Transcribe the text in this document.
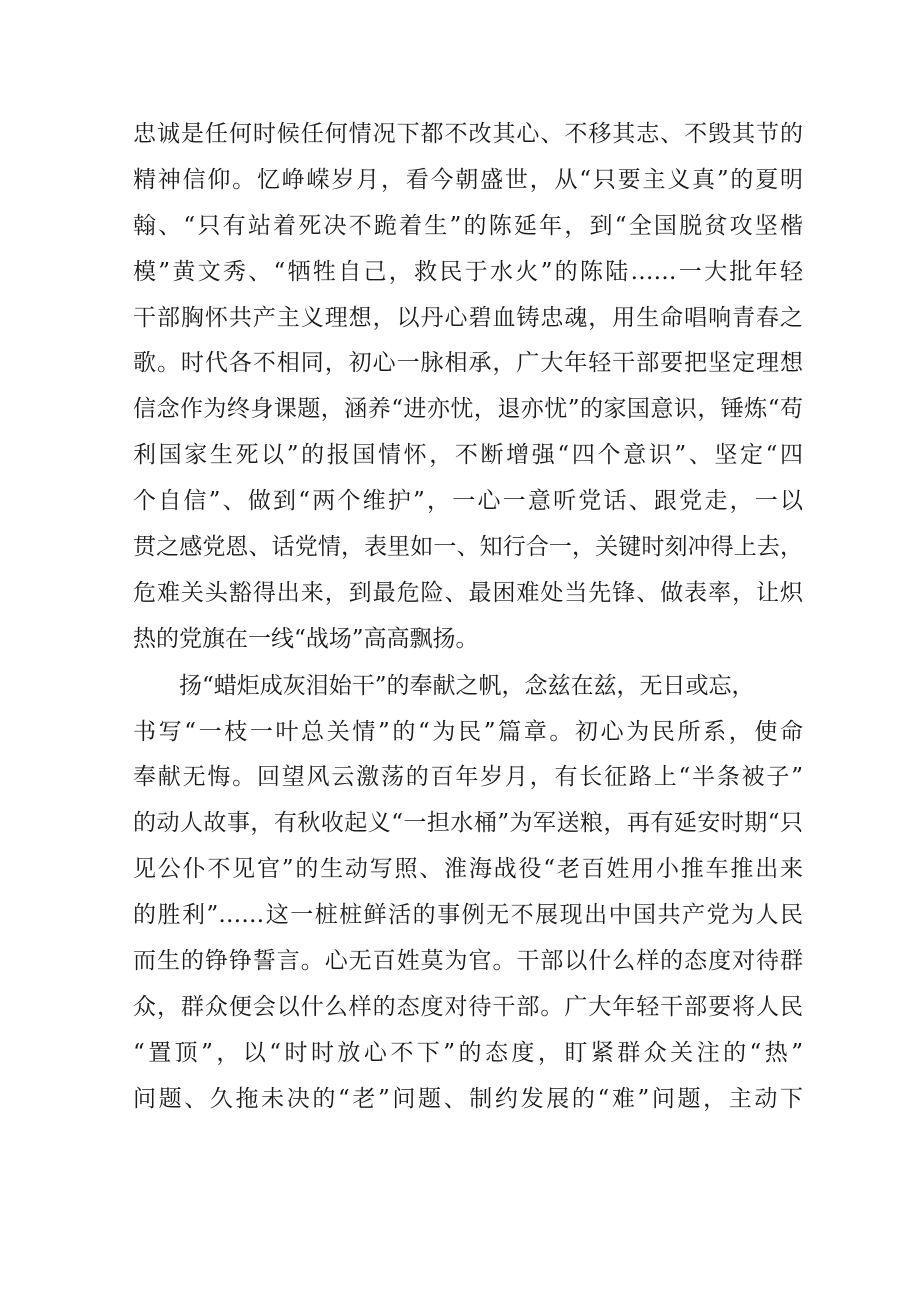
忠诚是任何时候任何情况下都不改其心、不移其志、不毁其节的
精神信仰。忆峥嵘岁月，看今朝盛世，从“只要主义真”的夏明
翰、“只有站着死决不跪着生”的陈延年，到“全国脱贫攻坚楷
模”黄文秀、“牺牲自己，救民于水火”的陈陆……一大批年轻
干部胸怀共产主义理想，以丹心碧血铸忠魂，用生命唱响青春之
歌。时代各不相同，初心一脉相承，广大年轻干部要把坚定理想
信念作为终身课题，涵养“进亦忧，退亦忧”的家国意识，锤炼“苟
利国家生死以”的报国情怀，不断增强“四个意识”、坚定“四
个自信”、做到“两个维护”，一心一意听党话、跟党走，一以
贯之感党恩、话党情，表里如一、知行合一，关键时刻冲得上去，
危难关头豁得出来，到最危险、最困难处当先锋、做表率，让炽
热的党旗在一线“战场”高高飘扬。
扬“蜡炬成灰泪始干”的奉献之帆，念兹在兹，无日或忘，
书写“一枝一叶总关情”的“为民”篇章。初心为民所系，使命
奉献无悔。回望风云激荡的百年岁月，有长征路上“半条被子”
的动人故事，有秋收起义“一担水桶”为军送粮，再有延安时期“只
见公仆不见官”的生动写照、淮海战役“老百姓用小推车推出来
的胜利”……这一桩桩鲜活的事例无不展现出中国共产党为人民
而生的铮铮誓言。心无百姓莫为官。干部以什么样的态度对待群
众，群众便会以什么样的态度对待干部。广大年轻干部要将人民
“置顶”，以“时时放心不下”的态度，盯紧群众关注的“热”
问题、久拖未决的“老”问题、制约发展的“难”问题，主动下
